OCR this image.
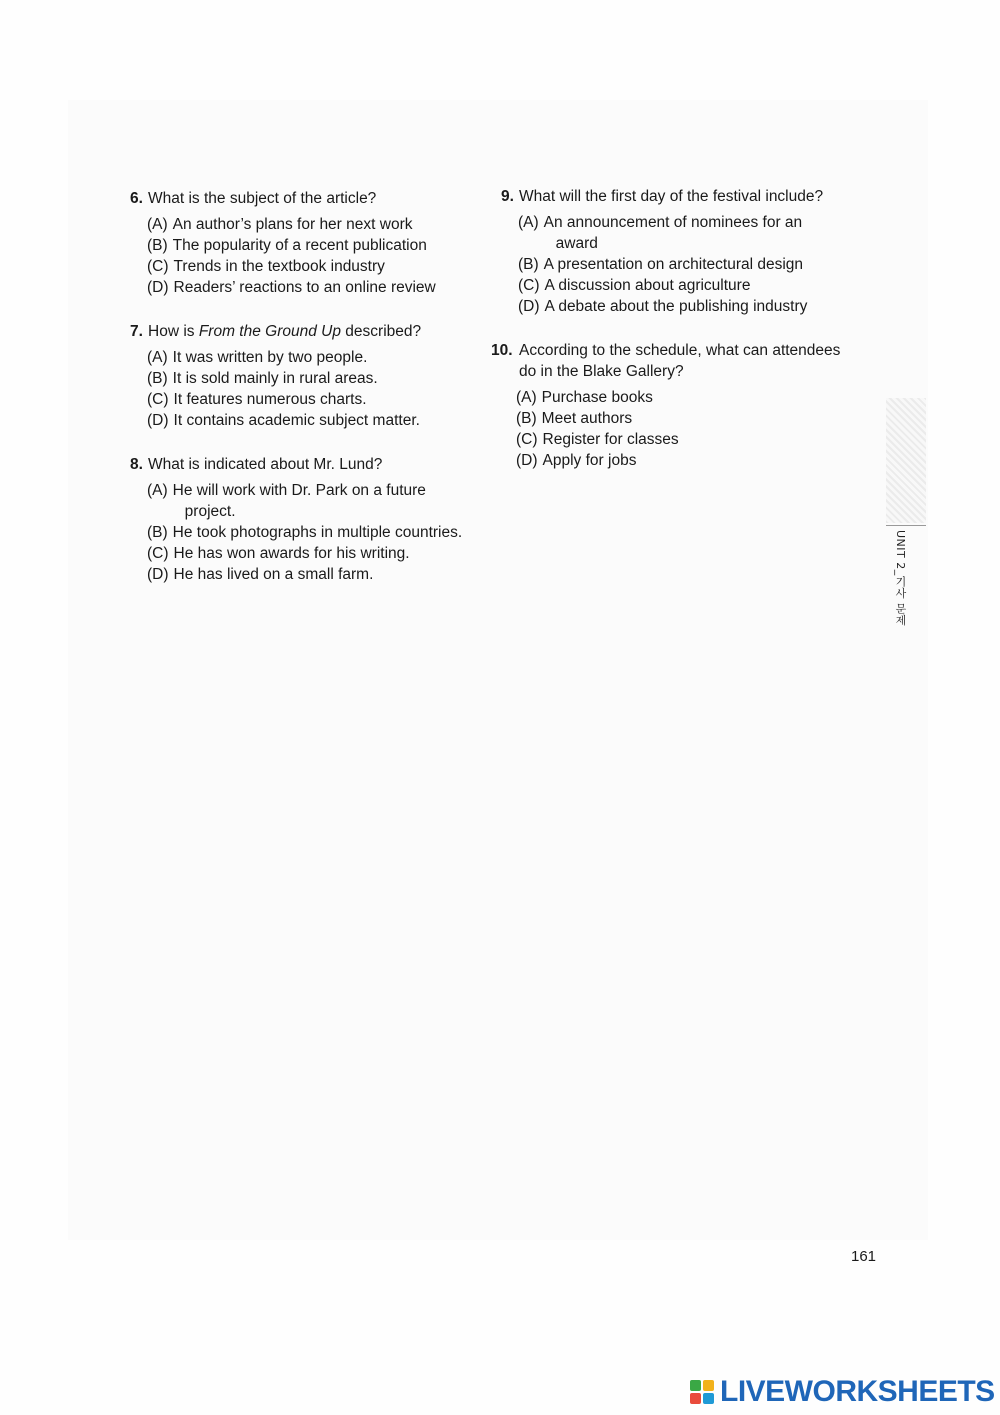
6. What is the subject of the article?
(A) An author’s plans for her next work
(B) The popularity of a recent publication
(C) Trends in the textbook industry
(D) Readers’ reactions to an online review
7. How is From the Ground Up described?
(A) It was written by two people.
(B) It is sold mainly in rural areas.
(C) It features numerous charts.
(D) It contains academic subject matter.
8. What is indicated about Mr. Lund?
(A) He will work with Dr. Park on a future
project.
(B) He took photographs in multiple countries.
(C) He has won awards for his writing.
(D) He has lived on a small farm.
9. What will the first day of the festival include?
(A) An announcement of nominees for an
award
(B) A presentation on architectural design
(C) A discussion about agriculture
(D) A debate about the publishing industry
10. According to the schedule, what can attendees do in the Blake Gallery?
(A) Purchase books
(B) Meet authors
(C) Register for classes
(D) Apply for jobs
UNIT 2_기사 문제
161
LIVEWORKSHEETS
